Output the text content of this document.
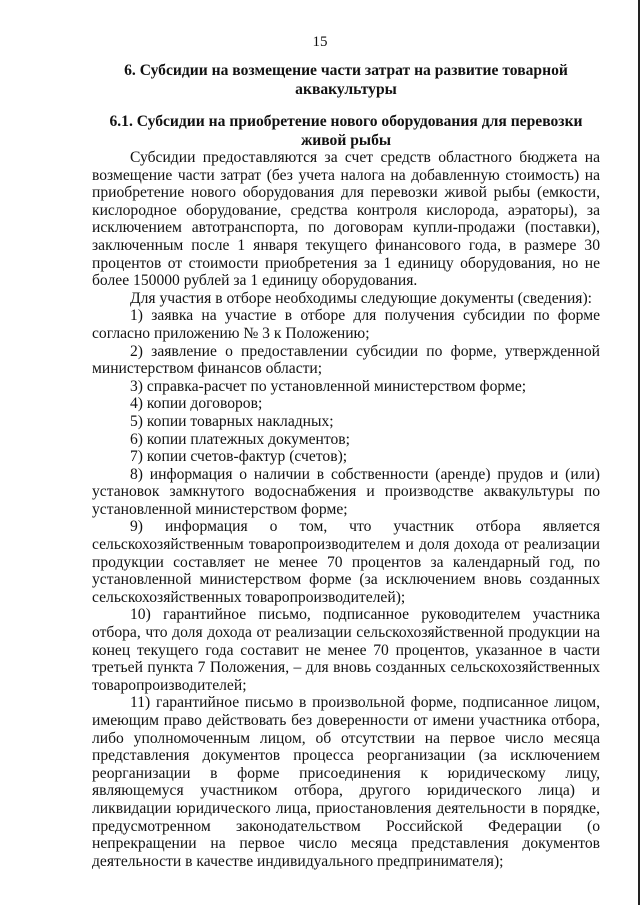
15
6. Субсидии на возмещение части затрат на развитие товарной аквакультуры
6.1. Субсидии на приобретение нового оборудования для перевозки живой рыбы

Субсидии предоставляются за счет средств областного бюджета на возмещение части затрат (без учета налога на добавленную стоимость) на приобретение нового оборудования для перевозки живой рыбы (емкости, кислородное оборудование, средства контроля кислорода, аэраторы), за исключением автотранспорта, по договорам купли-продажи (поставки), заключенным после 1 января текущего финансового года, в размере 30 процентов от стоимости приобретения за 1 единицу оборудования, но не более 150000 рублей за 1 единицу оборудования.

Для участия в отборе необходимы следующие документы (сведения):

1) заявка на участие в отборе для получения субсидии по форме согласно приложению № 3 к Положению;

2) заявление о предоставлении субсидии по форме, утвержденной министерством финансов области;

3) справка-расчет по установленной министерством форме;

4) копии договоров;

5) копии товарных накладных;

6) копии платежных документов;

7) копии счетов-фактур (счетов);

8) информация о наличии в собственности (аренде) прудов и (или) установок замкнутого водоснабжения и производстве аквакультуры по установленной министерством форме;

9) информация о том, что участник отбора является сельскохозяйственным товаропроизводителем и доля дохода от реализации продукции составляет не менее 70 процентов за календарный год, по установленной министерством форме (за исключением вновь созданных сельскохозяйственных товаропроизводителей);

10) гарантийное письмо, подписанное руководителем участника отбора, что доля дохода от реализации сельскохозяйственной продукции на конец текущего года составит не менее 70 процентов, указанное в части третьей пункта 7 Положения, – для вновь созданных сельскохозяйственных товаропроизводителей;

11) гарантийное письмо в произвольной форме, подписанное лицом, имеющим право действовать без доверенности от имени участника отбора, либо уполномоченным лицом, об отсутствии на первое число месяца представления документов процесса реорганизации (за исключением реорганизации в форме присоединения к юридическому лицу, являющемуся участником отбора, другого юридического лица) и ликвидации юридического лица, приостановления деятельности в порядке, предусмотренном законодательством Российской Федерации (о непрекращении на первое число месяца представления документов деятельности в качестве индивидуального предпринимателя);
